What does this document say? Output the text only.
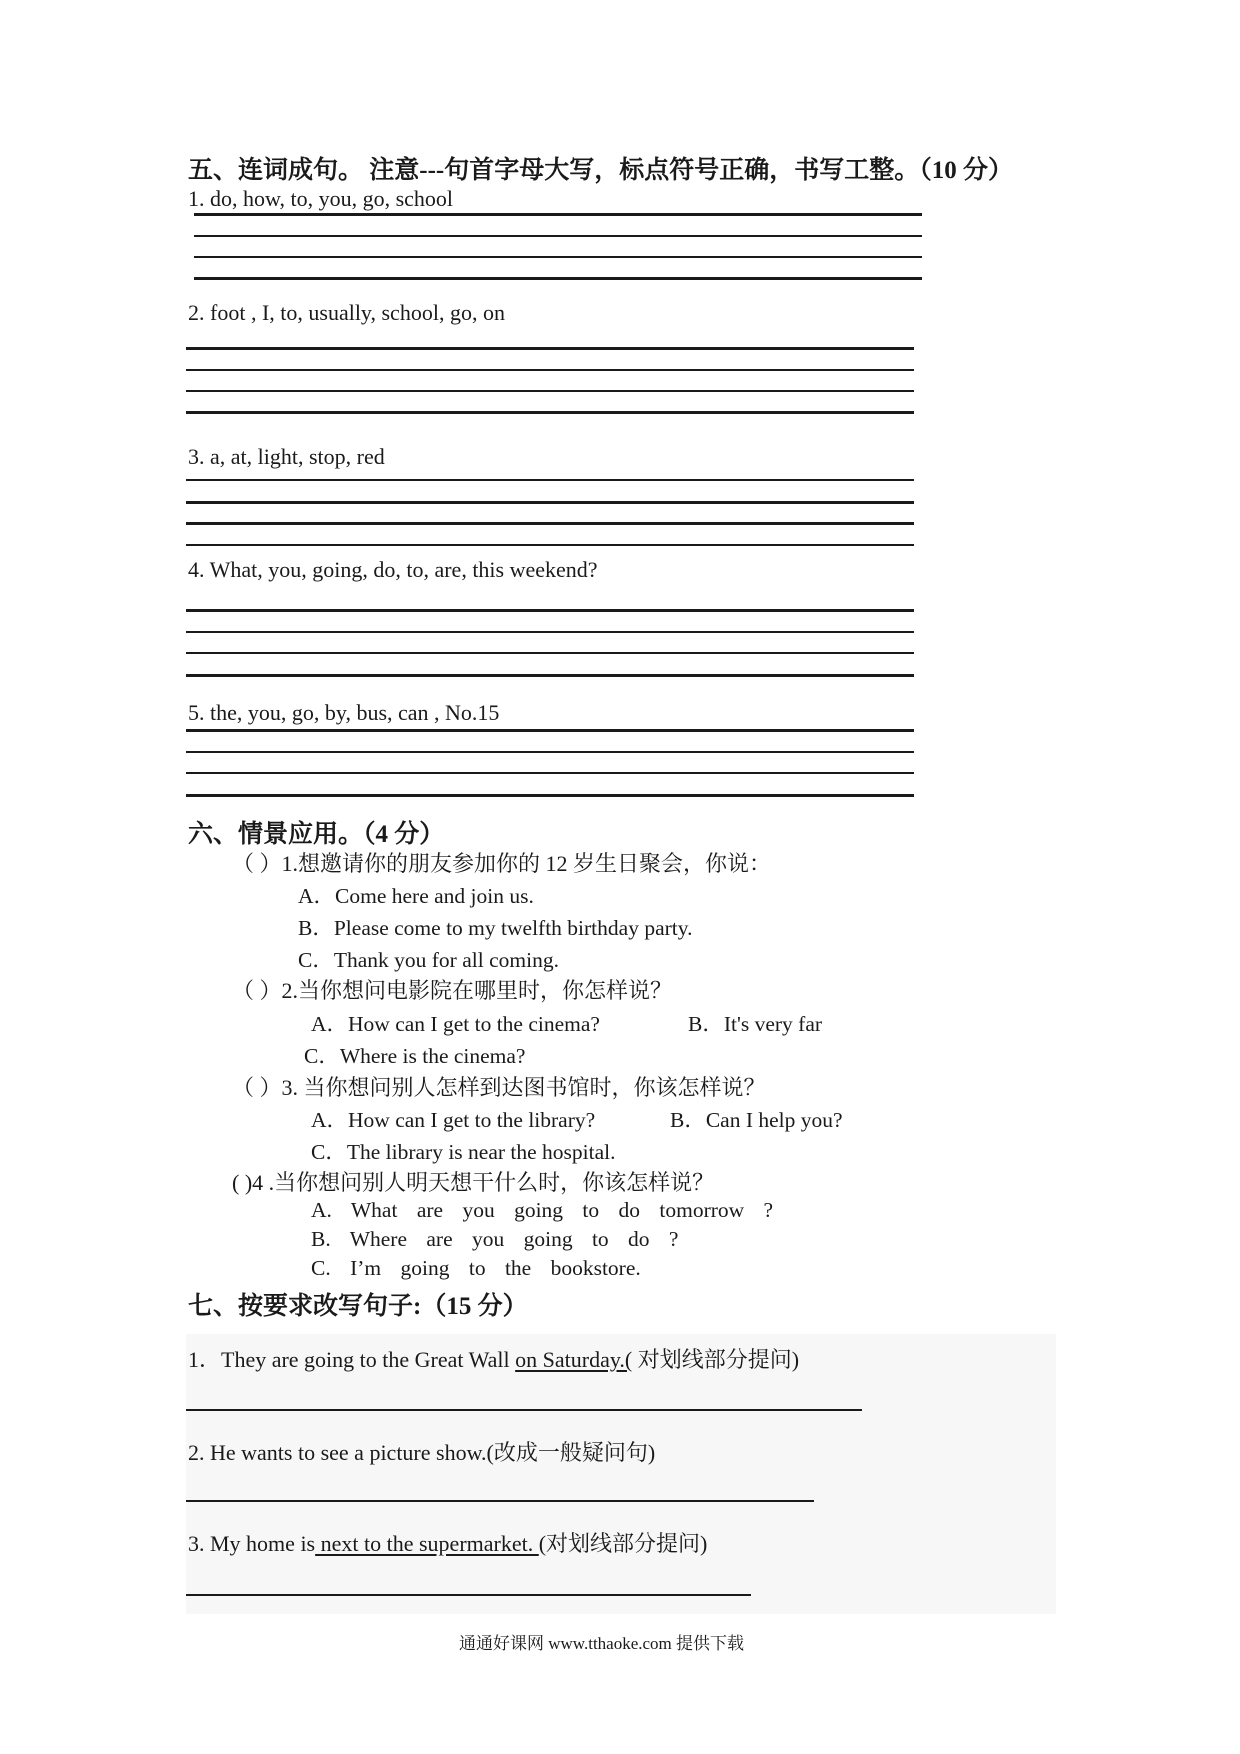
五、连词成句。 注意---句首字母大写，标点符号正确，书写工整。（10 分）
1. do, how, to, you, go, school
2. foot , I, to, usually, school, go, on
3. a, at, light, stop, red
4. What, you, going, do, to, are, this weekend?
5. the, you, go, by, bus, can , No.15
六、情景应用。（4 分）
（ ）1.想邀请你的朋友参加你的 12 岁生日聚会，你说：
A．Come here and join us.
B．Please come to my twelfth birthday party.
C．Thank you for all coming.
（ ）2.当你想问电影院在哪里时，你怎样说？
A．How can I get to the cinema?	B．It's very far
C．Where is the cinema?
（ ）3. 当你想问别人怎样到达图书馆时，你该怎样说？
A．How can I get to the library?	B．Can I help you?
C．The library is near the hospital.
( )4 .当你想问别人明天想干什么时，你该怎样说？
A. What are you going to do tomorrow ?
B. Where are you going to do ?
C. I’m going to the bookstore.
七、按要求改写句子:（15 分）
1．They are going to the Great Wall on Saturday.( 对划线部分提问)
2. He wants to see a picture show.(改成一般疑问句)
3. My home is next to the supermarket. (对划线部分提问)
通通好课网 www.tthaoke.com 提供下载
